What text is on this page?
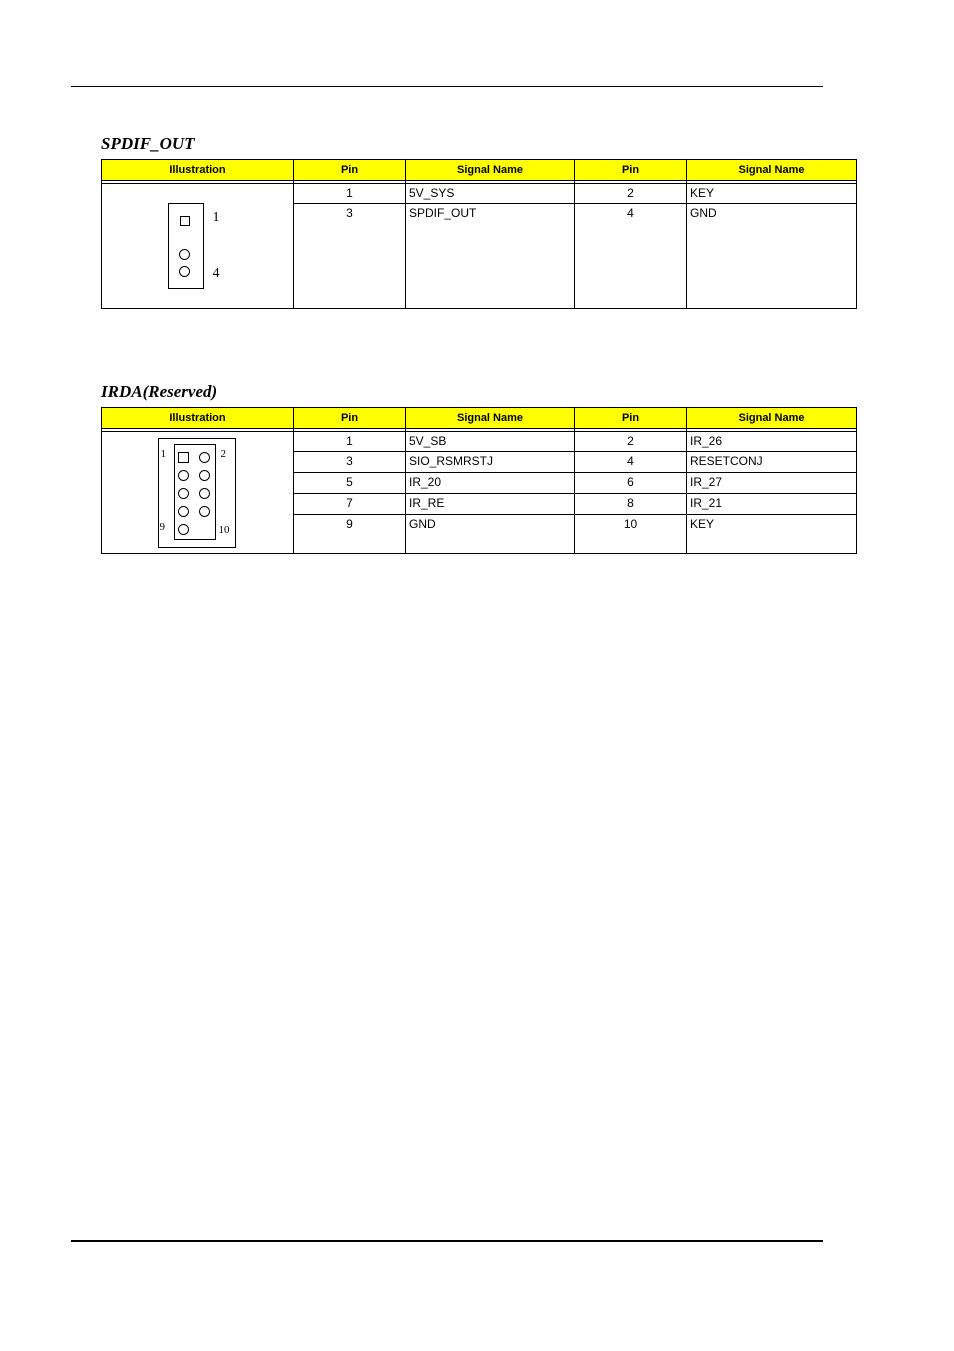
SPDIF_OUT
Illustration	Pin	Signal Name	Pin	Signal Name

1
4	1	5V_SYS	2	KEY
	3	SPDIF_OUT	4	GND
IRDA(Reserved)
Illustration	Pin	Signal Name	Pin	Signal Name

1 2
9 10	1	5V_SB	2	IR_26
	3	SIO_RSMRSTJ	4	RESETCONJ
	5	IR_20	6	IR_27
	7	IR_RE	8	IR_21
	9	GND	10	KEY
